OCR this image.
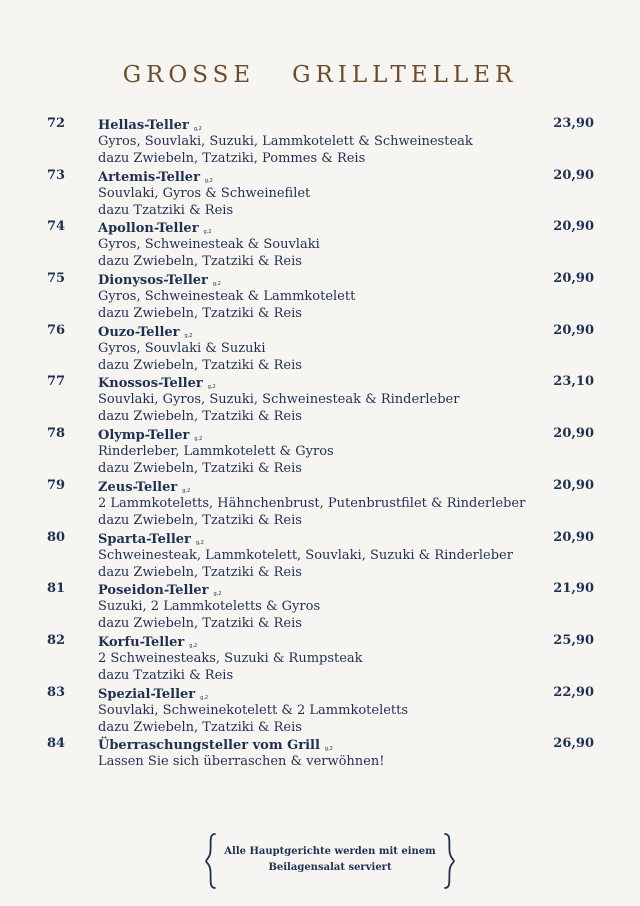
GROSSE   GRILLTELLER
72	Hellas-Teller g,2
Gyros, Souvlaki, Suzuki, Lammkotelett & Schweinesteak
dazu Zwiebeln, Tzatziki, Pommes & Reis
23,90
73	Artemis-Teller g,2
Souvlaki, Gyros & Schweinefilet
dazu Tzatziki & Reis
20,90
74	Apollon-Teller g,2
Gyros, Schweinesteak & Souvlaki
dazu Zwiebeln, Tzatziki & Reis
20,90
75	Dionysos-Teller g,2
Gyros, Schweinesteak & Lammkotelett
dazu Zwiebeln, Tzatziki & Reis
20,90
76	Ouzo-Teller g,2
Gyros, Souvlaki & Suzuki
dazu Zwiebeln, Tzatziki & Reis
20,90
77	Knossos-Teller g,2
Souvlaki, Gyros, Suzuki, Schweinesteak & Rinderleber
dazu Zwiebeln, Tzatziki & Reis
23,10
78	Olymp-Teller g,2
Rinderleber, Lammkotelett & Gyros
dazu Zwiebeln, Tzatziki & Reis
20,90
79	Zeus-Teller g,2
2 Lammkoteletts, Hähnchenbrust, Putenbrustfilet & Rinderleber
dazu Zwiebeln, Tzatziki & Reis
20,90
80	Sparta-Teller g,2
Schweinesteak, Lammkotelett, Souvlaki, Suzuki & Rinderleber
dazu Zwiebeln, Tzatziki & Reis
20,90
81	Poseidon-Teller g,2
Suzuki, 2 Lammkoteletts & Gyros
dazu Zwiebeln, Tzatziki & Reis
21,90
82	Korfu-Teller g,2
2 Schweinesteaks, Suzuki & Rumpsteak
dazu Tzatziki & Reis
25,90
83	Spezial-Teller g,2
Souvlaki, Schweinekotelett & 2 Lammkoteletts
dazu Zwiebeln, Tzatziki & Reis
22,90
84	Überraschungsteller vom Grill g,2
Lassen Sie sich überraschen & verwöhnen!
26,90
Alle Hauptgerichte werden mit einem
Beilagensalat serviert
